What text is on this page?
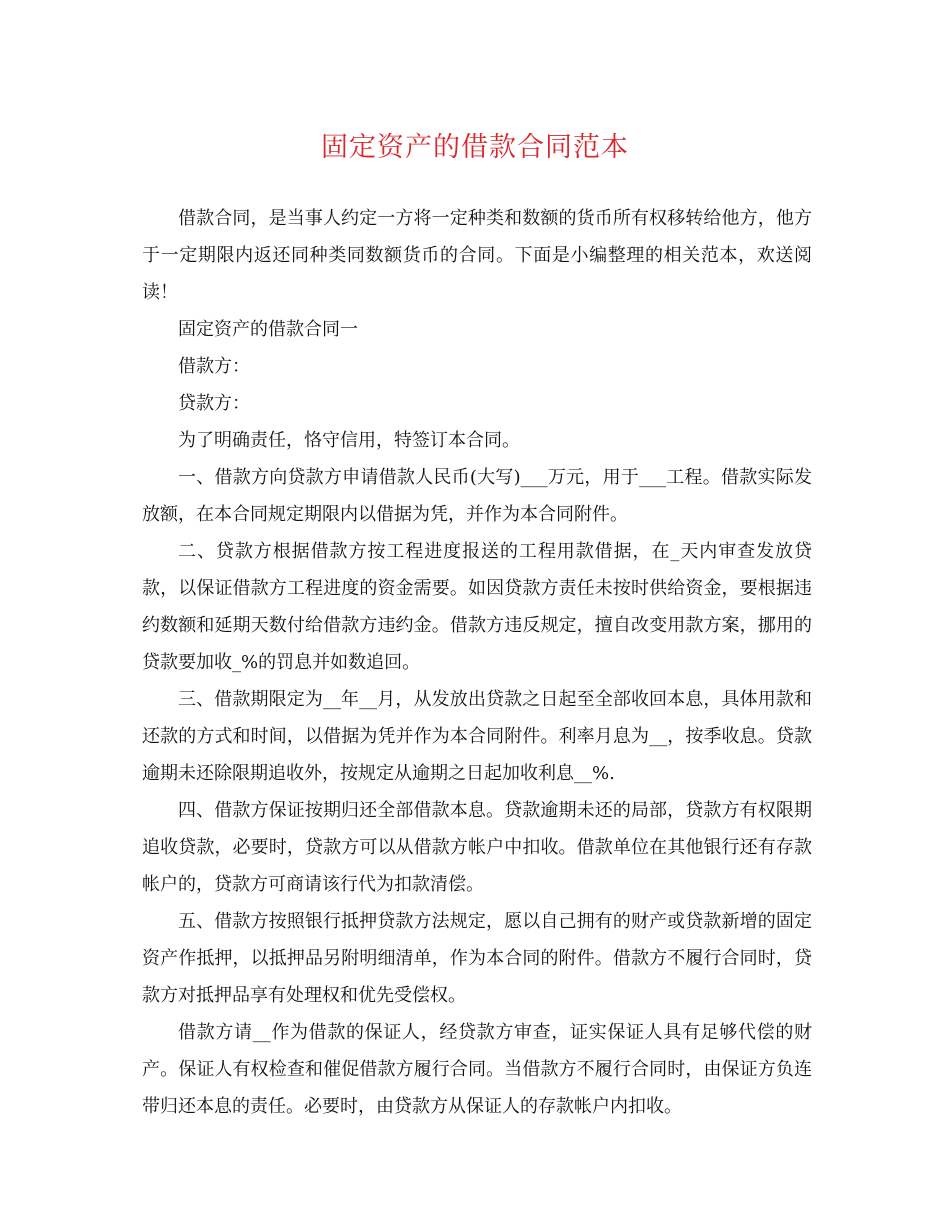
固定资产的借款合同范本

借款合同，是当事人约定一方将一定种类和数额的货币所有权移转给他方，他方于一定期限内返还同种类同数额货币的合同。下面是小编整理的相关范本，欢送阅读！

固定资产的借款合同一

借款方：

贷款方：

为了明确责任，恪守信用，特签订本合同。

一、借款方向贷款方申请借款人民币(大写)___万元，用于___工程。借款实际发放额，在本合同规定期限内以借据为凭，并作为本合同附件。

二、贷款方根据借款方按工程进度报送的工程用款借据，在_天内审查发放贷款，以保证借款方工程进度的资金需要。如因贷款方责任未按时供给资金，要根据违约数额和延期天数付给借款方违约金。借款方违反规定，擅自改变用款方案，挪用的贷款要加收_%的罚息并如数追回。

三、借款期限定为__年__月，从发放出贷款之日起至全部收回本息，具体用款和还款的方式和时间，以借据为凭并作为本合同附件。利率月息为__，按季收息。贷款逾期未还除限期追收外，按规定从逾期之日起加收利息__%.

四、借款方保证按期归还全部借款本息。贷款逾期未还的局部，贷款方有权限期追收贷款，必要时，贷款方可以从借款方帐户中扣收。借款单位在其他银行还有存款帐户的，贷款方可商请该行代为扣款清偿。

五、借款方按照银行抵押贷款方法规定，愿以自己拥有的财产或贷款新增的固定资产作抵押，以抵押品另附明细清单，作为本合同的附件。借款方不履行合同时，贷款方对抵押品享有处理权和优先受偿权。

借款方请__作为借款的保证人，经贷款方审查，证实保证人具有足够代偿的财产。保证人有权检查和催促借款方履行合同。当借款方不履行合同时，由保证方负连带归还本息的责任。必要时，由贷款方从保证人的存款帐户内扣收。
